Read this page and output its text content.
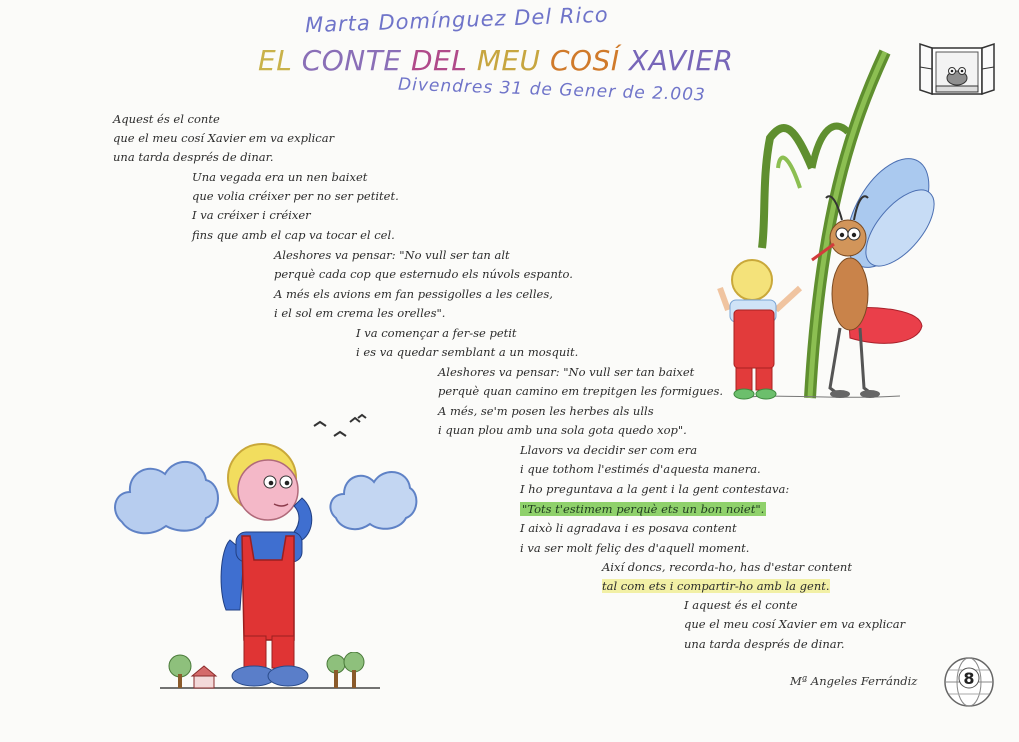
Marta Domínguez Del Rico
EL CONTE DEL MEU COSÍ XAVIER
Divendres 31 de Gener de 2.003
Aquest és el conte
que el meu cosí Xavier em va explicar
una tarda després de dinar.
Una vegada era un nen baixet
que volia créixer per no ser petitet.
I va créixer i créixer
fins que amb el cap va tocar el cel.
Aleshores va pensar: "No vull ser tan alt
perquè cada cop que esternudo els núvols espanto.
A més els avions em fan pessigolles a les celles,
i el sol em crema les orelles".
I va començar a fer-se petit
i es va quedar semblant a un mosquit.
Aleshores va pensar: "No vull ser tan baixet
perquè quan camino em trepitgen les formigues.
A més, se'm posen les herbes als ulls
i quan plou amb una sola gota quedo xop".
Llavors va decidir ser com era
i que tothom l'estimés d'aquesta manera.
I ho preguntava a la gent i la gent contestava:
"Tots t'estimem perquè ets un bon noiet".
I això li agradava i es posava content
i va ser molt feliç des d'aquell moment.
Així doncs, recorda-ho, has d'estar content
tal com ets i compartir-ho amb la gent.
I aquest és el conte
que el meu cosí Xavier em va explicar
una tarda després de dinar.
Mª Angeles Ferrándiz	8
